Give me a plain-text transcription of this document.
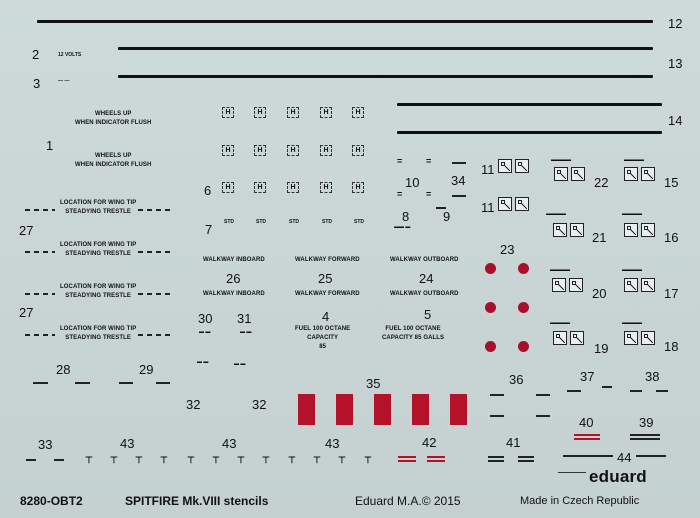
12
13
14
2
3
12 VOLTS
— —
1
WHEELS UP
WHEN INDICATOR FLUSH
WHEELS UP
WHEN INDICATOR FLUSH
H	H	H	H	H
H	H	H	H	H
6	H	H	H	H	H
7 STD	STD	STD	STD	STD
LOCATION FOR WING TIP
STEADYING TRESTLE
27
LOCATION FOR WING TIP
STEADYING TRESTLE
LOCATION FOR WING TIP
STEADYING TRESTLE
27
LOCATION FOR WING TIP
STEADYING TRESTLE
WALKWAY INBOARD	WALKWAY FORWARD	WALKWAY OUTBOARD
26	25	24
WALKWAY INBOARD	WALKWAY FORWARD	WALKWAY OUTBOARD
4	5
FUEL 100 OCTANE
CAPACITY
85
FUEL 100 OCTANE
CAPACITY 85 GALLS
30 31
▬ ▬	▬ ▬
▬ ▬	▬ ▬
28	29
32	32
35
10 34
8	9
=	=
=	=
▬▬ ▬
11
11
▬▬▬▬
22
▬▬▬▬
15
▬▬▬▬
21
▬▬▬▬
16
▬▬▬▬
20
▬▬▬▬
17
▬▬▬▬
19
▬▬▬▬
18
23
36	37	38
40	39
42	41
44
33	43	43	43
⊤ ⊤ ⊤ ⊤ ⊤ ⊤ ⊤ ⊤ ⊤ ⊤ ⊤ ⊤
eduard
8280-OBT2	SPITFIRE Mk.VIII stencils	Eduard M.A.© 2015	Made in Czech Republic
